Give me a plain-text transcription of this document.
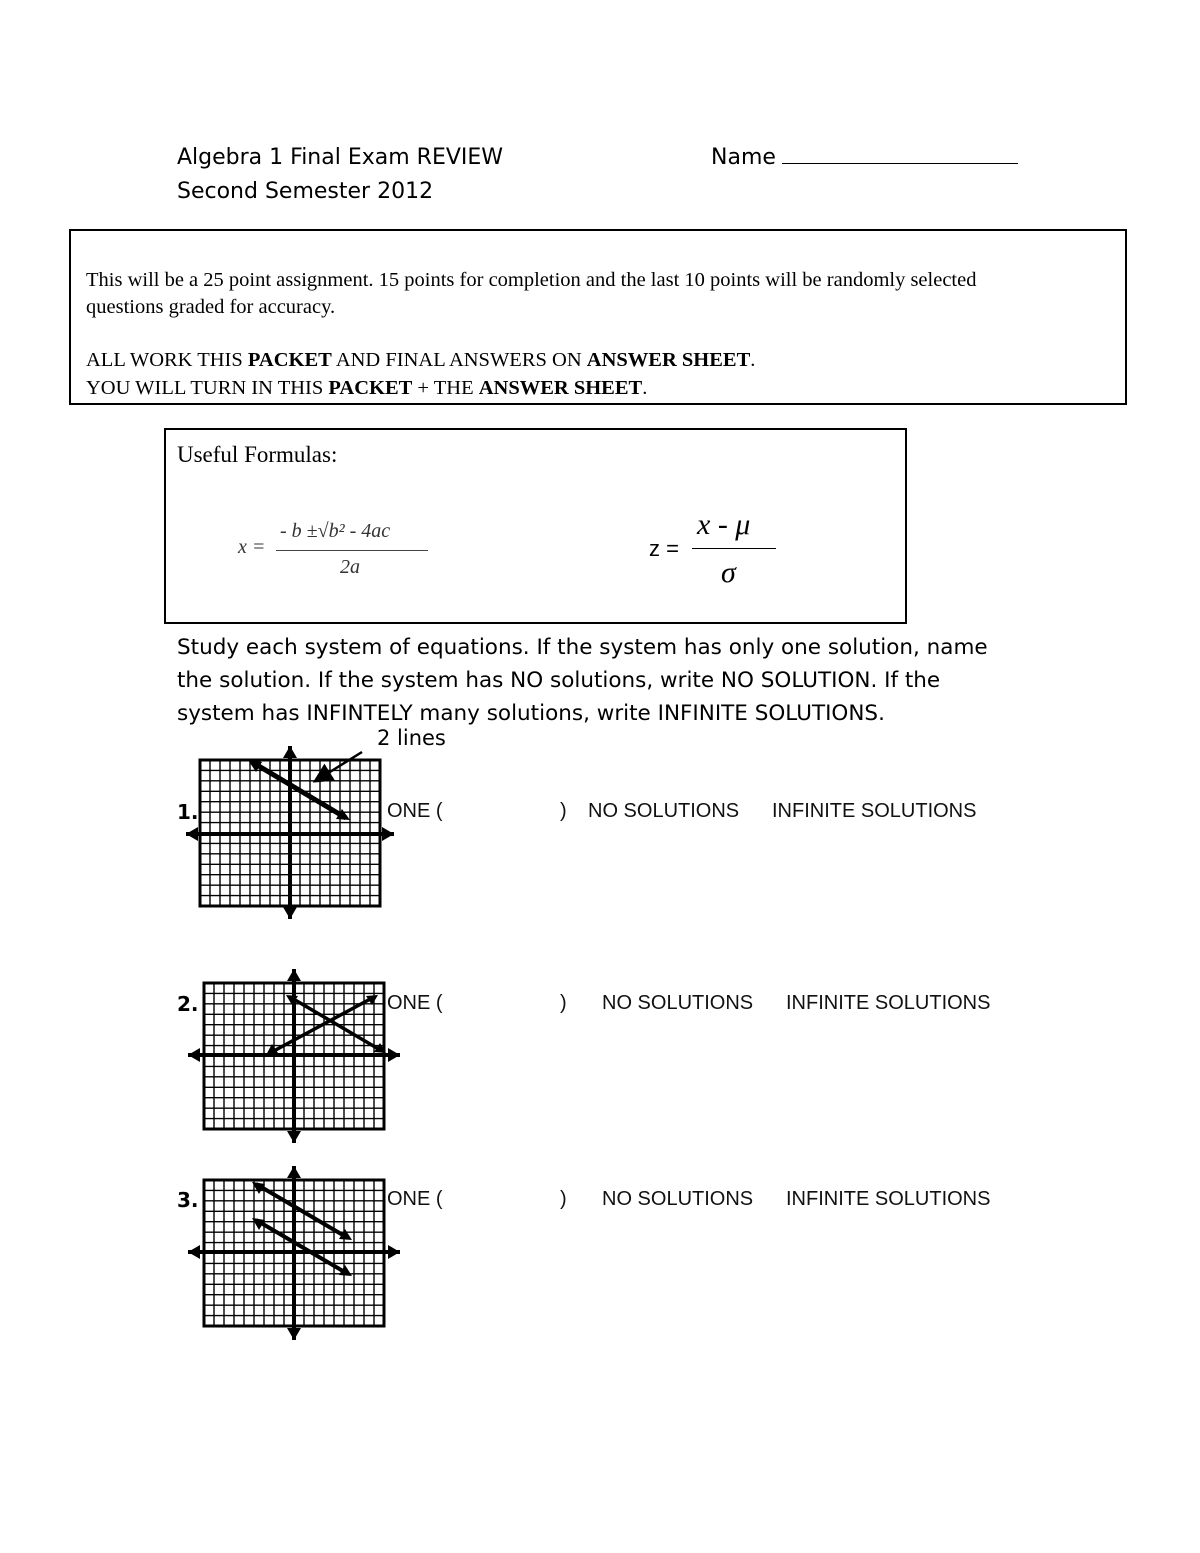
Algebra 1 Final Exam REVIEW
Second Semester 2012
Name
This will be a 25 point assignment. 15 points for completion and the last 10 points will be randomly selected
questions graded for accuracy.
ALL WORK THIS PACKET AND FINAL ANSWERS ON ANSWER SHEET.
YOU WILL TURN IN THIS PACKET + THE ANSWER SHEET.
Useful Formulas:
x =
- b ±√b² - 4ac
2a
z =
x - μ
σ
Study each system of equations. If the system has only one solution, name
the solution. If the system has NO solutions, write NO SOLUTION. If the
system has INFINTELY many solutions, write INFINITE SOLUTIONS.
2 lines
1.	ONE (	) NO SOLUTIONS INFINITE SOLUTIONS
2.	ONE (	) NO SOLUTIONS INFINITE SOLUTIONS
3.	ONE (	) NO SOLUTIONS INFINITE SOLUTIONS
